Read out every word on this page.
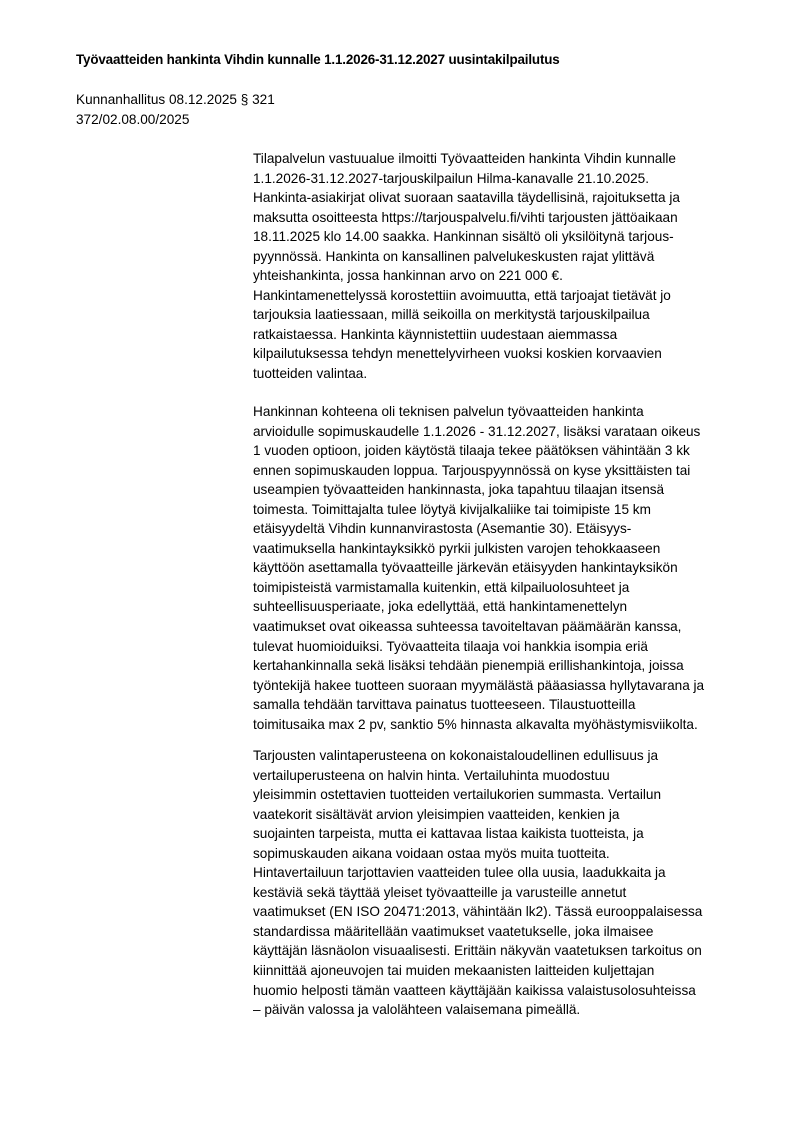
Työvaatteiden hankinta Vihdin kunnalle 1.1.2026-31.12.2027 uusintakilpailutus
Kunnanhallitus 08.12.2025 § 321
372/02.08.00/2025
Tilapalvelun vastuualue ilmoitti Työvaatteiden hankinta Vihdin kunnalle
1.1.2026-31.12.2027-tarjouskilpailun Hilma-kanavalle 21.10.2025.
Hankinta-asiakirjat olivat suoraan saatavilla täydellisinä, rajoituksetta ja
maksutta osoitteesta https://tarjouspalvelu.fi/vihti tarjousten jättöaikaan
18.11.2025 klo 14.00 saakka. Hankinnan sisältö oli yksilöitynä tarjous-
pyynnössä. Hankinta on kansallinen palvelukeskusten rajat ylittävä
yhteishankinta, jossa hankinnan arvo on 221 000 €.
Hankintamenettelyssä korostettiin avoimuutta, että tarjoajat tietävät jo
tarjouksia laatiessaan, millä seikoilla on merkitystä tarjouskilpailua
ratkaistaessa. Hankinta käynnistettiin uudestaan aiemmassa
kilpailutuksessa tehdyn menettelyvirheen vuoksi koskien korvaavien
tuotteiden valintaa.
Hankinnan kohteena oli teknisen palvelun työvaatteiden hankinta
arvioidulle sopimuskaudelle 1.1.2026 - 31.12.2027, lisäksi varataan oikeus
1 vuoden optioon, joiden käytöstä tilaaja tekee päätöksen vähintään 3 kk
ennen sopimuskauden loppua. Tarjouspyynnössä on kyse yksittäisten tai
useampien työvaatteiden hankinnasta, joka tapahtuu tilaajan itsensä
toimesta. Toimittajalta tulee löytyä kivijalkaliike tai toimipiste 15 km
etäisyydeltä Vihdin kunnanvirastosta (Asemantie 30). Etäisyys-
vaatimuksella hankintayksikkö pyrkii julkisten varojen tehokkaaseen
käyttöön asettamalla työvaatteille järkevän etäisyyden hankintayksikön
toimipisteistä varmistamalla kuitenkin, että kilpailuolosuhteet ja
suhteellisuusperiaate, joka edellyttää, että hankintamenettelyn
vaatimukset ovat oikeassa suhteessa tavoiteltavan päämäärän kanssa,
tulevat huomioiduiksi. Työvaatteita tilaaja voi hankkia isompia eriä
kertahankinnalla sekä lisäksi tehdään pienempiä erillishankintoja, joissa
työntekijä hakee tuotteen suoraan myymälästä pääasiassa hyllytavarana ja
samalla tehdään tarvittava painatus tuotteeseen. Tilaustuotteilla
toimitusaika max 2 pv, sanktio 5% hinnasta alkavalta myöhästymisviikolta.
Tarjousten valintaperusteena on kokonaistaloudellinen edullisuus ja
vertailuperusteena on halvin hinta. Vertailuhinta muodostuu
yleisimmin ostettavien tuotteiden vertailukorien summasta. Vertailun
vaatekorit sisältävät arvion yleisimpien vaatteiden, kenkien ja
suojainten tarpeista, mutta ei kattavaa listaa kaikista tuotteista, ja
sopimuskauden aikana voidaan ostaa myös muita tuotteita.
Hintavertailuun tarjottavien vaatteiden tulee olla uusia, laadukkaita ja
kestäviä sekä täyttää yleiset työvaatteille ja varusteille annetut
vaatimukset (EN ISO 20471:2013, vähintään lk2). Tässä eurooppalaisessa
standardissa määritellään vaatimukset vaatetukselle, joka ilmaisee
käyttäjän läsnäolon visuaalisesti. Erittäin näkyvän vaatetuksen tarkoitus on
kiinnittää ajoneuvojen tai muiden mekaanisten laitteiden kuljettajan
huomio helposti tämän vaatteen käyttäjään kaikissa valaistusolosuhteissa
– päivän valossa ja valolähteen valaisemana pimeällä.
